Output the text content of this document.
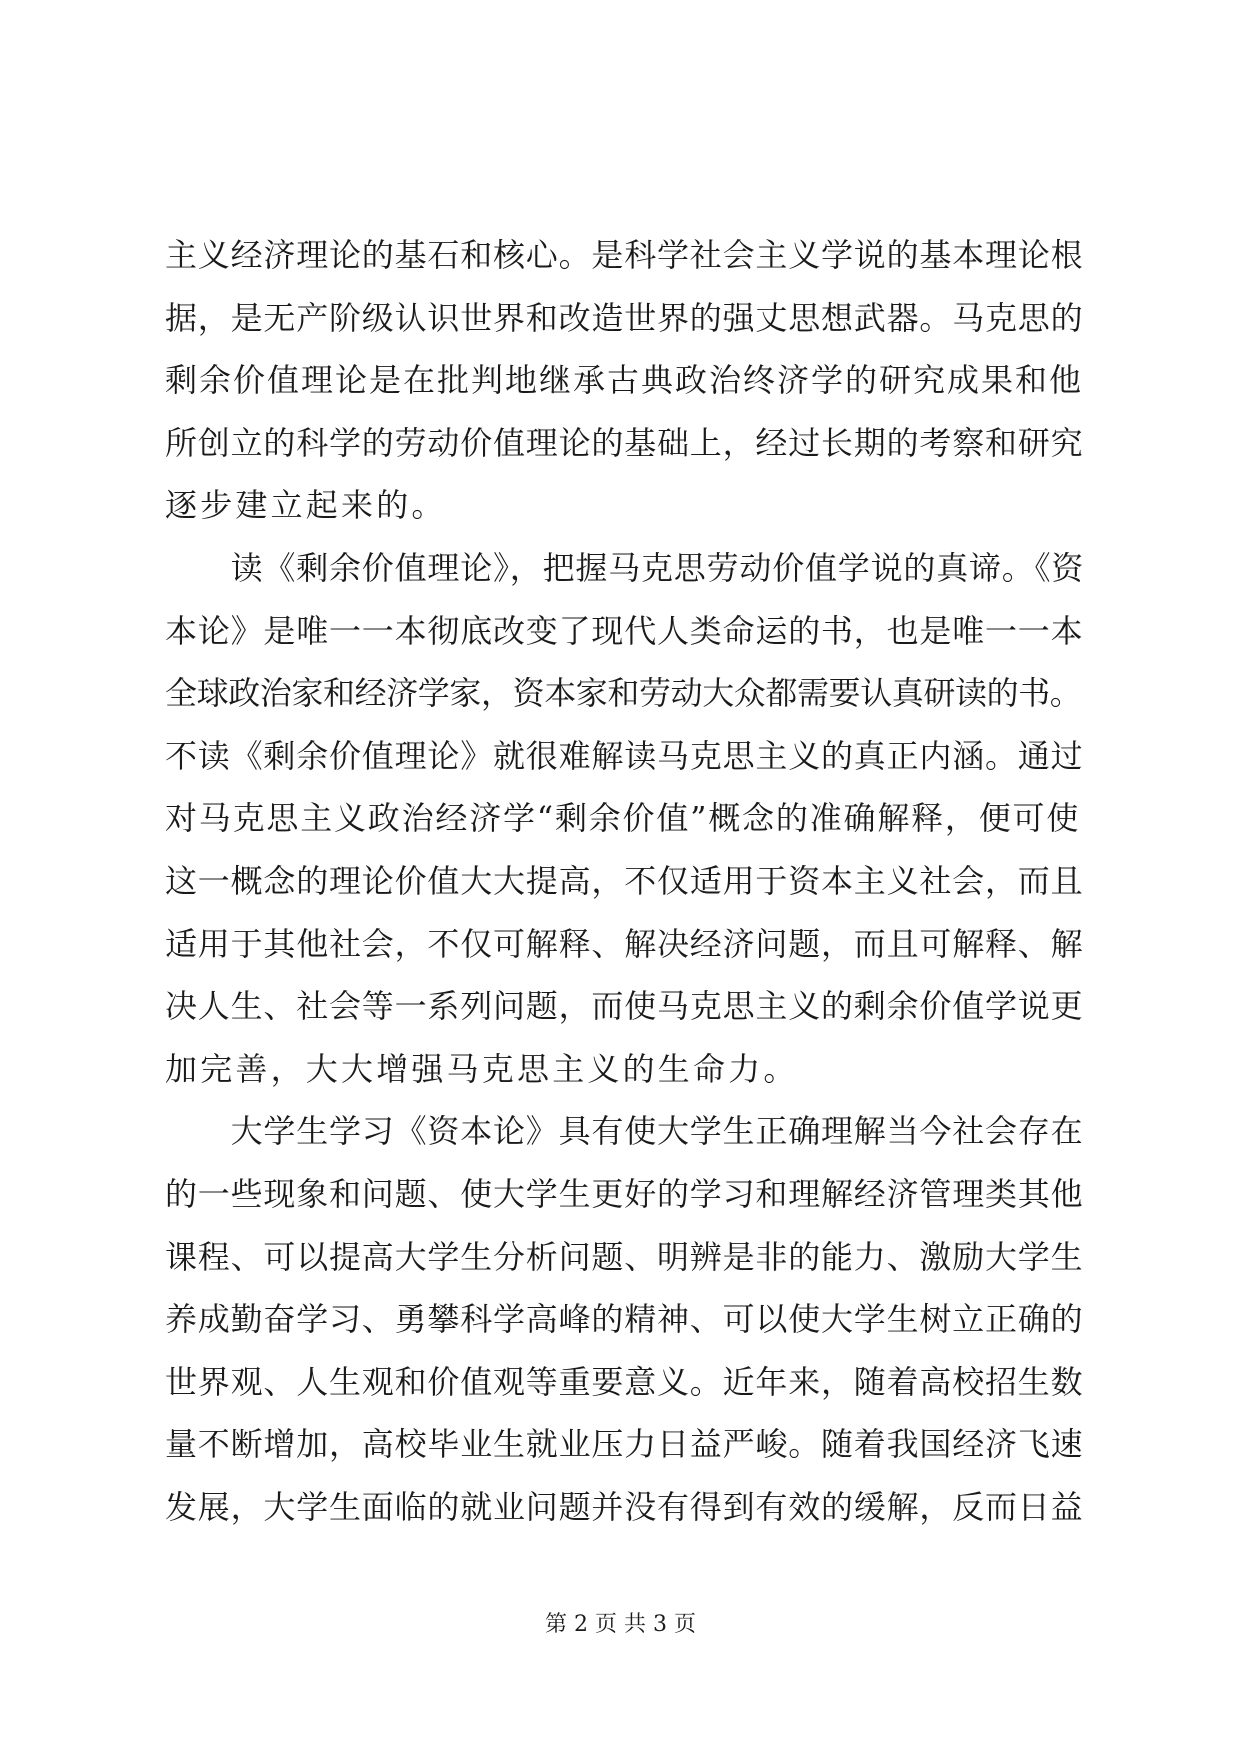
主义经济理论的基石和核心。是科学社会主义学说的基本理论根
据，是无产阶级认识世界和改造世界的强丈思想武器。马克思的
剩余价值理论是在批判地继承古典政治终济学的研究成果和他
所创立的科学的劳动价值理论的基础上，经过长期的考察和研究
逐步建立起来的。
　　读《剩余价值理论》，把握马克思劳动价值学说的真谛。《资
本论》是唯一一本彻底改变了现代人类命运的书，也是唯一一本
全球政治家和经济学家，资本家和劳动大众都需要认真研读的书。
不读《剩余价值理论》就很难解读马克思主义的真正内涵。通过
对马克思主义政治经济学“剩余价值”概念的准确解释，便可使
这一概念的理论价值大大提高，不仅适用于资本主义社会，而且
适用于其他社会，不仅可解释、解决经济问题，而且可解释、解
决人生、社会等一系列问题，而使马克思主义的剩余价值学说更
加完善，大大增强马克思主义的生命力。
　　大学生学习《资本论》具有使大学生正确理解当今社会存在
的一些现象和问题、使大学生更好的学习和理解经济管理类其他
课程、可以提高大学生分析问题、明辨是非的能力、激励大学生
养成勤奋学习、勇攀科学高峰的精神、可以使大学生树立正确的
世界观、人生观和价值观等重要意义。近年来，随着高校招生数
量不断增加，高校毕业生就业压力日益严峻。随着我国经济飞速
发展，大学生面临的就业问题并没有得到有效的缓解，反而日益
第 2 页 共 3 页
